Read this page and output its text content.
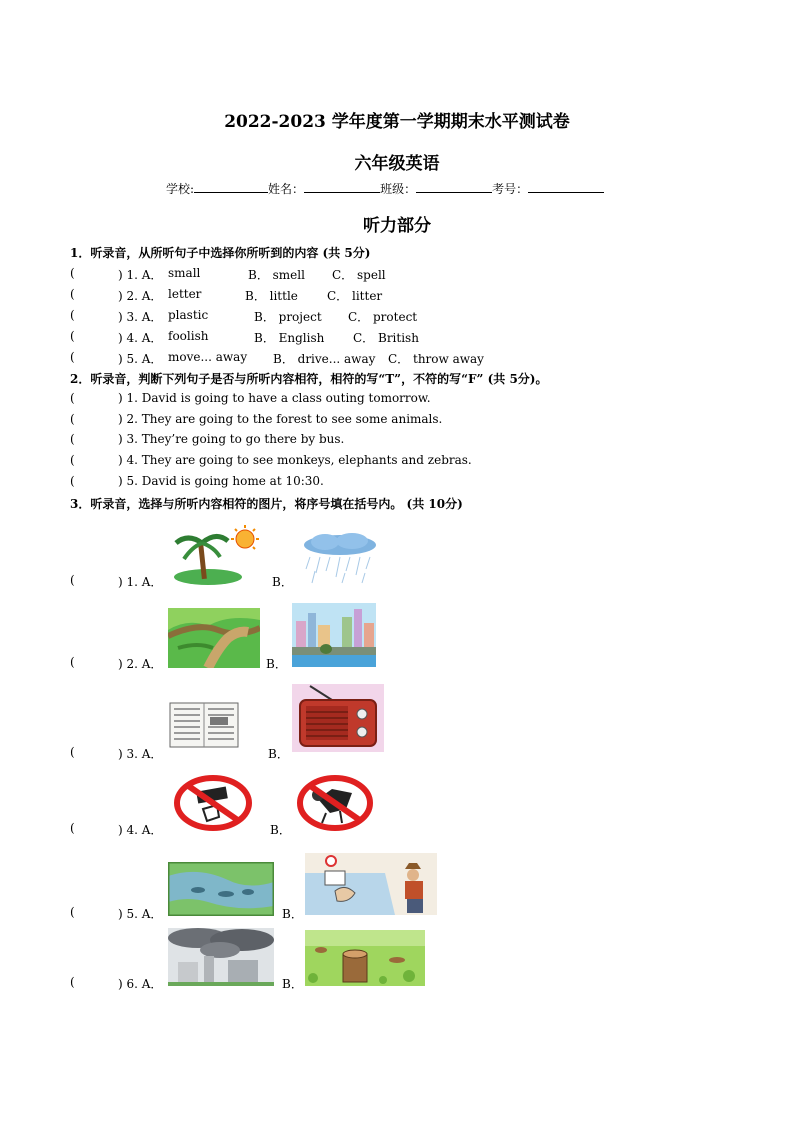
2022-2023 学年度第一学期期末水平测试卷
六年级英语
学校:	姓名：	班级：	考号：
听力部分
1．听录音，从所听句子中选择你所听到的内容 (共 5分)
(	) 1. A． small	B． smell C． spell
(	) 2. A． letter	B． little C． litter
(	) 3. A． plastic	B． project C． protect
(	) 4. A． foolish	B． English C． British
(	) 5. A． move... away B． drive... away C． throw away
2．听录音，判断下列句子是否与所听内容相符，相符的写“T”，不符的写“F” (共 5分)。
(	) 1. David is going to have a class outing tomorrow.
(	) 2. They are going to the forest to see some animals.
(	) 3. They’re going to go there by bus.
(	) 4. They are going to see monkeys, elephants and zebras.
(	) 5. David is going home at 10:30.
3．听录音，选择与所听内容相符的图片，将序号填在括号内。 (共 10分)
(	) 1. A．	B．
(	) 2. A．	B．
(	) 3. A．	B．
(	) 4. A．	B．
(	) 5. A．	B．
(	) 6. A．	B．
